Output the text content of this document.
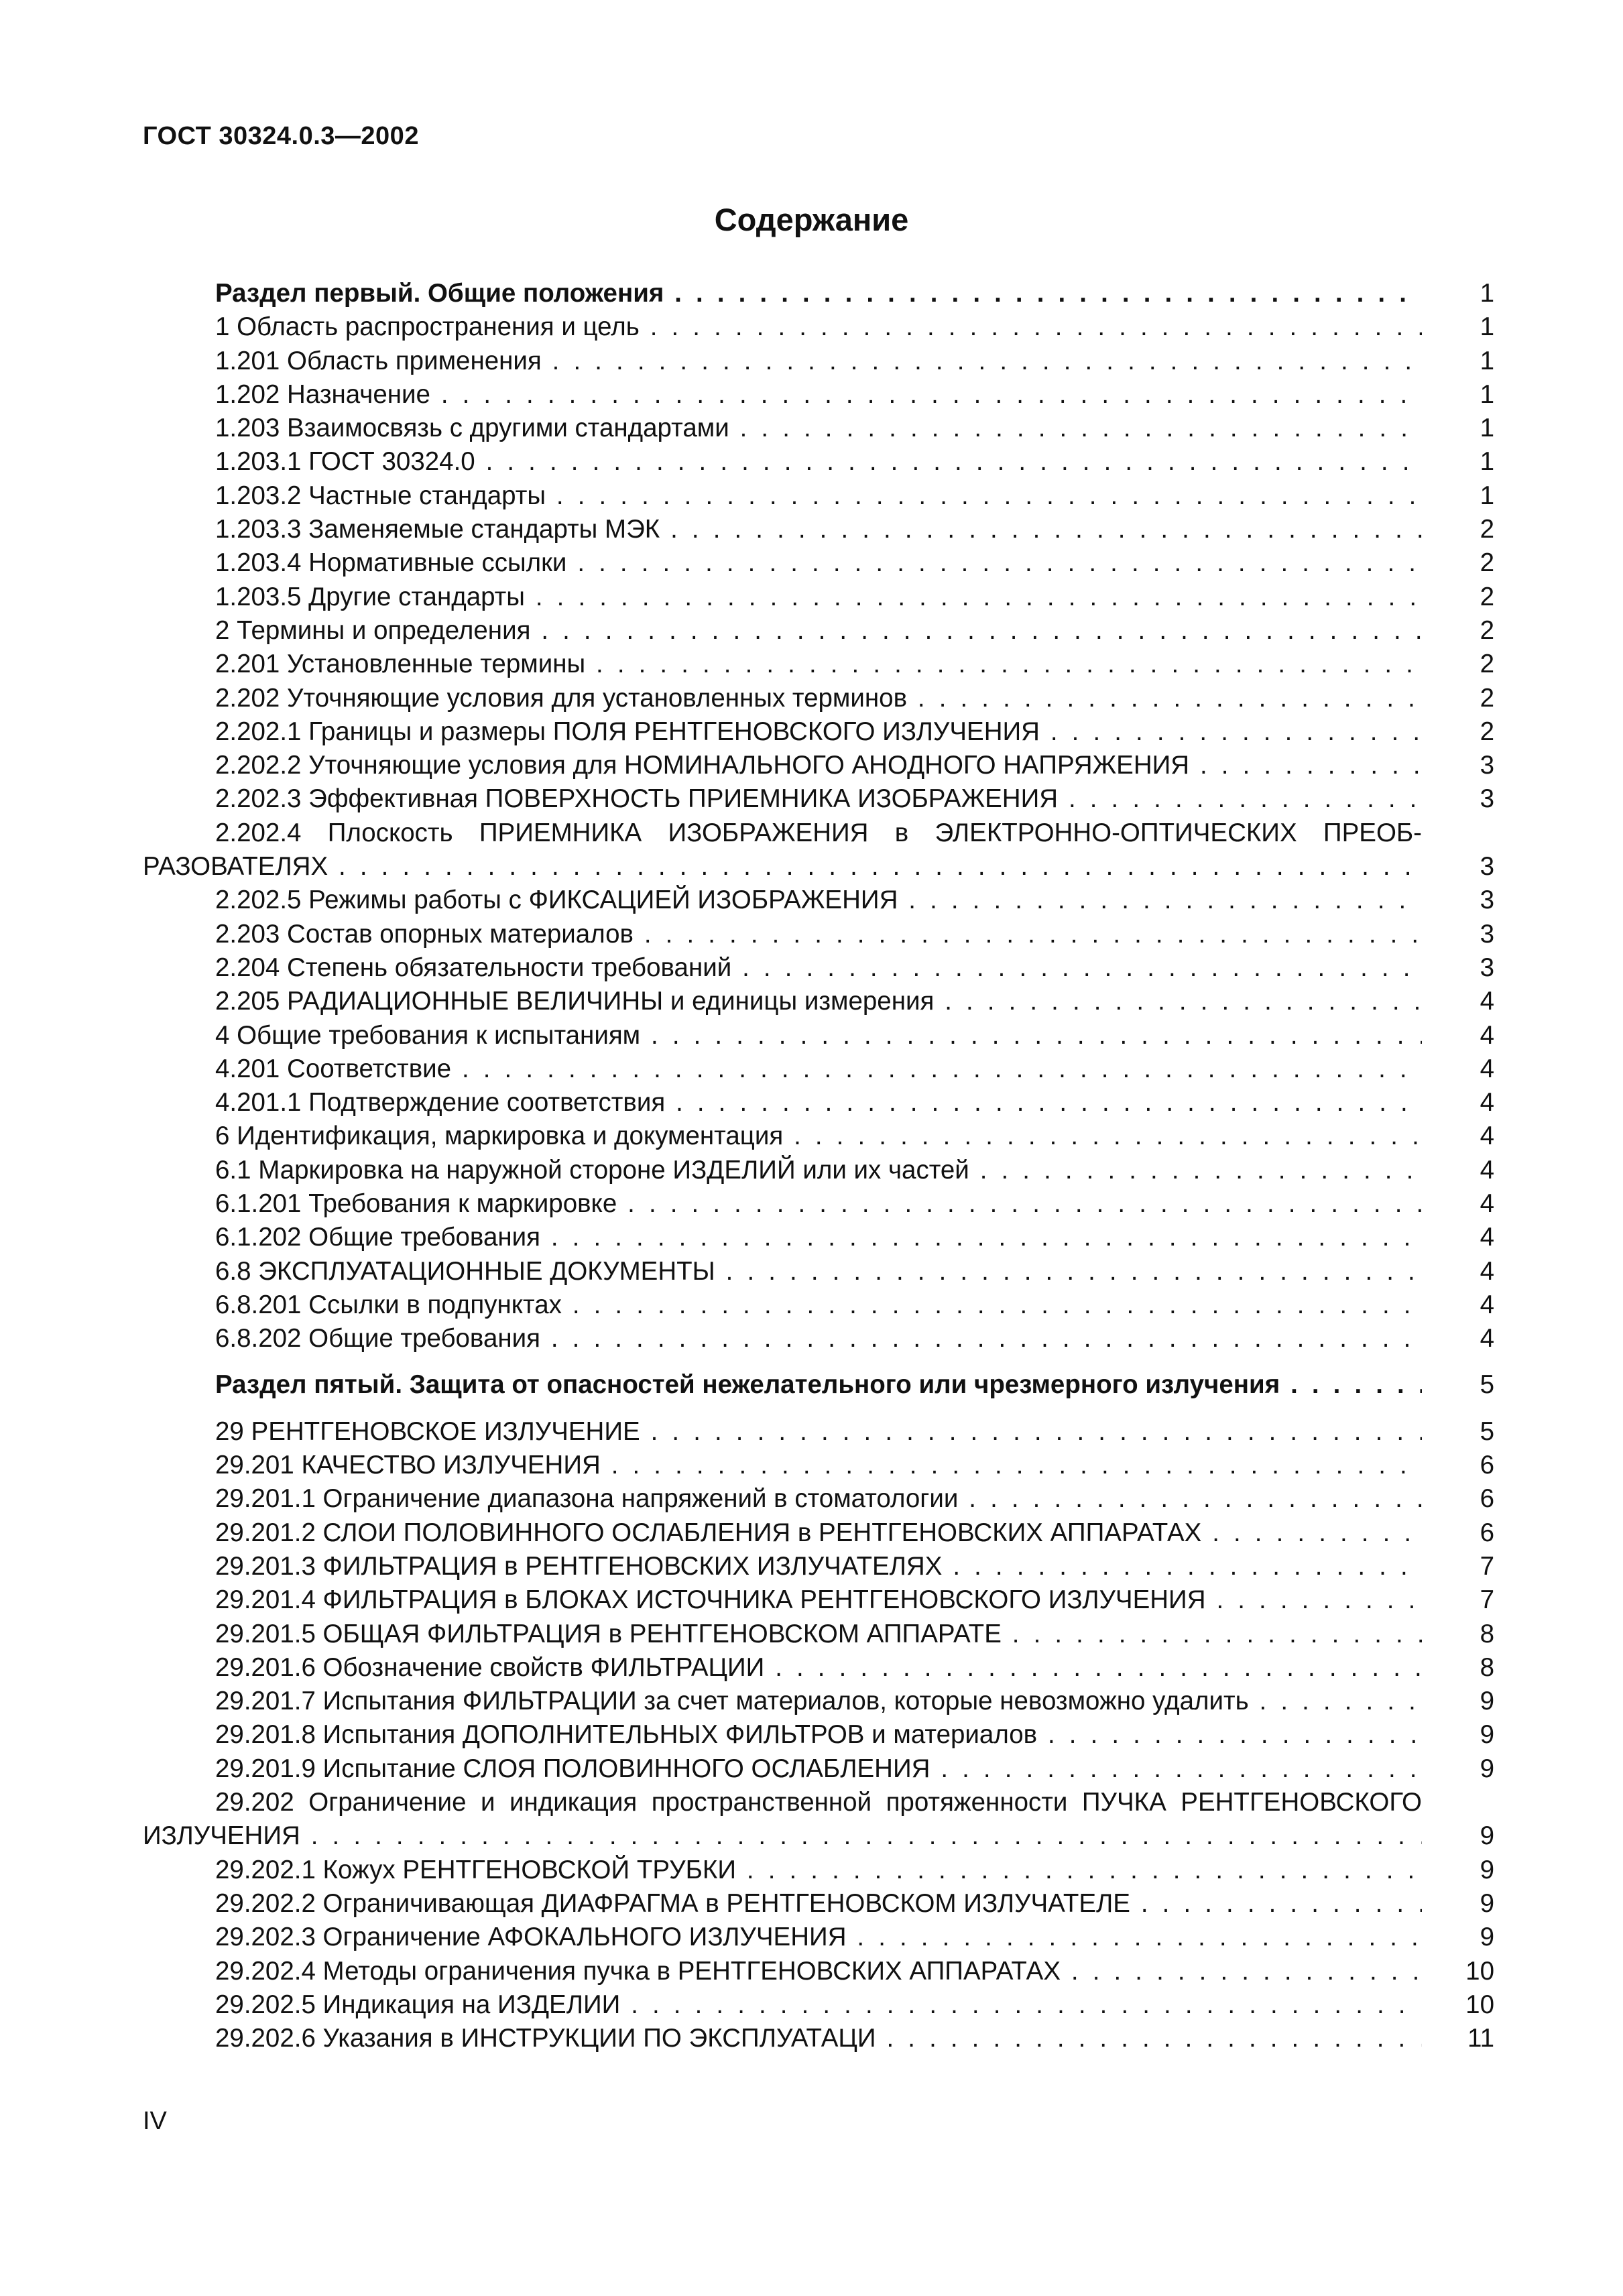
ГОСТ 30324.0.3—2002
Содержание
Раздел первый. Общие положения . . .	1
1 Область распространения и цель . . .	1
1.201 Область применения . . .	1
1.202 Назначение . . .	1
1.203 Взаимосвязь с другими стандартами . . .	1
1.203.1 ГОСТ 30324.0 . . .	1
1.203.2 Частные стандарты . . .	1
1.203.3 Заменяемые стандарты МЭК . . .	2
1.203.4 Нормативные ссылки . . .	2
1.203.5 Другие стандарты . . .	2
2 Термины и определения . . .	2
2.201 Установленные термины . . .	2
2.202 Уточняющие условия для установленных терминов . . .	2
2.202.1 Границы и размеры ПОЛЯ РЕНТГЕНОВСКОГО ИЗЛУЧЕНИЯ . . .	2
2.202.2 Уточняющие условия для НОМИНАЛЬНОГО АНОДНОГО НАПРЯЖЕНИЯ . . .	3
2.202.3 Эффективная ПОВЕРХНОСТЬ ПРИЕМНИКА ИЗОБРАЖЕНИЯ . . .	3
2.202.4 Плоскость ПРИЕМНИКА ИЗОБРАЖЕНИЯ в ЭЛЕКТРОННО-ОПТИЧЕСКИХ ПРЕОБ-
РАЗОВАТЕЛЯХ . . .	3
2.202.5 Режимы работы с ФИКСАЦИЕЙ ИЗОБРАЖЕНИЯ . . .	3
2.203 Состав опорных материалов . . .	3
2.204 Степень обязательности требований . . .	3
2.205 РАДИАЦИОННЫЕ ВЕЛИЧИНЫ и единицы измерения . . .	4
4 Общие требования к испытаниям . . .	4
4.201 Соответствие . . .	4
4.201.1 Подтверждение соответствия . . .	4
6 Идентификация, маркировка и документация . . .	4
6.1 Маркировка на наружной стороне ИЗДЕЛИЙ или их частей . . .	4
6.1.201 Требования к маркировке . . .	4
6.1.202 Общие требования . . .	4
6.8 ЭКСПЛУАТАЦИОННЫЕ ДОКУМЕНТЫ . . .	4
6.8.201 Ссылки в подпунктах . . .	4
6.8.202 Общие требования . . .	4
Раздел пятый. Защита от опасностей нежелательного или чрезмерного излучения . . .	5
29 РЕНТГЕНОВСКОЕ ИЗЛУЧЕНИЕ . . .	5
29.201 КАЧЕСТВО ИЗЛУЧЕНИЯ . . .	6
29.201.1 Ограничение диапазона напряжений в стоматологии . . .	6
29.201.2 СЛОИ ПОЛОВИННОГО ОСЛАБЛЕНИЯ в РЕНТГЕНОВСКИХ АППАРАТАХ . . .	6
29.201.3 ФИЛЬТРАЦИЯ в РЕНТГЕНОВСКИХ ИЗЛУЧАТЕЛЯХ . . .	7
29.201.4 ФИЛЬТРАЦИЯ в БЛОКАХ ИСТОЧНИКА РЕНТГЕНОВСКОГО ИЗЛУЧЕНИЯ . . .	7
29.201.5 ОБЩАЯ ФИЛЬТРАЦИЯ в РЕНТГЕНОВСКОМ АППАРАТЕ . . .	8
29.201.6 Обозначение свойств ФИЛЬТРАЦИИ . . .	8
29.201.7 Испытания ФИЛЬТРАЦИИ за счет материалов, которые невозможно удалить . . .	9
29.201.8 Испытания ДОПОЛНИТЕЛЬНЫХ ФИЛЬТРОВ и материалов . . .	9
29.201.9 Испытание СЛОЯ ПОЛОВИННОГО ОСЛАБЛЕНИЯ . . .	9
29.202 Ограничение и индикация пространственной протяженности ПУЧКА РЕНТГЕНОВСКОГО
ИЗЛУЧЕНИЯ . . .	9
29.202.1 Кожух РЕНТГЕНОВСКОЙ ТРУБКИ . . .	9
29.202.2 Ограничивающая ДИАФРАГМА в РЕНТГЕНОВСКОМ ИЗЛУЧАТЕЛЕ . . .	9
29.202.3 Ограничение АФОКАЛЬНОГО ИЗЛУЧЕНИЯ . . .	9
29.202.4 Методы ограничения пучка в РЕНТГЕНОВСКИХ АППАРАТАХ . . .	10
29.202.5 Индикация на ИЗДЕЛИИ . . .	10
29.202.6 Указания в ИНСТРУКЦИИ ПО ЭКСПЛУАТАЦИ . . .	11
IV
